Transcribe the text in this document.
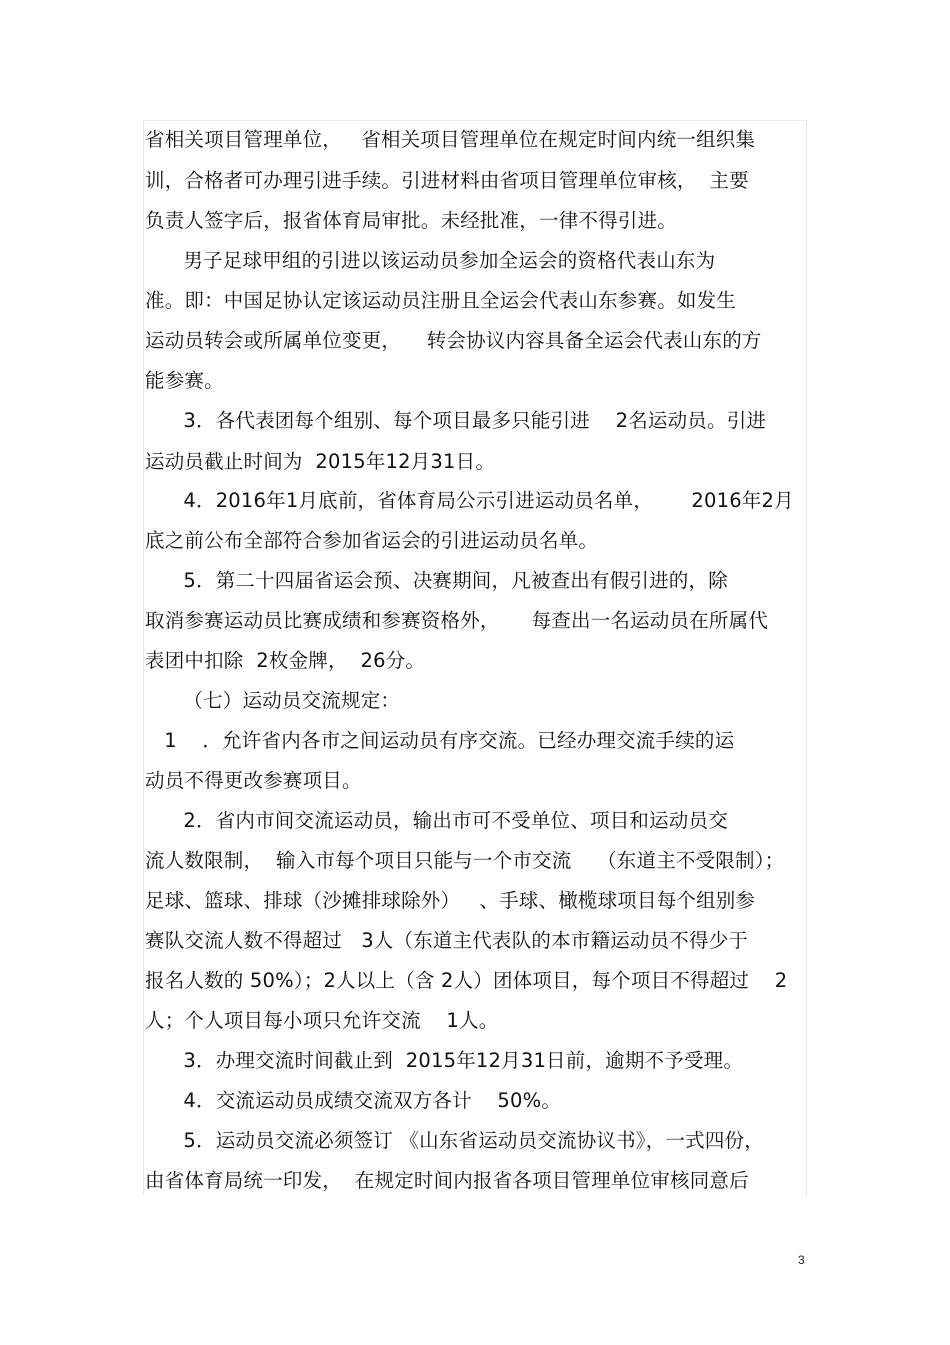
省相关项目管理单位，   省相关项目管理单位在规定时间内统一组织集
训，合格者可办理引进手续。引进材料由省项目管理单位审核，  主要
负责人签字后，报省体育局审批。未经批准，一律不得引进。
男子足球甲组的引进以该运动员参加全运会的资格代表山东为
准。即：中国足协认定该运动员注册且全运会代表山东参赛。如发生
运动员转会或所属单位变更，    转会协议内容具备全运会代表山东的方
能参赛。
3．各代表团每个组别、每个项目最多只能引进    2名运动员。引进
运动员截止时间为  2015年12月31日。
4．2016年1月底前，省体育局公示引进运动员名单，      2016年2月
底之前公布全部符合参加省运会的引进运动员名单。
5．第二十四届省运会预、决赛期间，凡被查出有假引进的，除
取消参赛运动员比赛成绩和参赛资格外，     每查出一名运动员在所属代
表团中扣除  2枚金牌，  26分。
（七）运动员交流规定：
1    ．允许省内各市之间运动员有序交流。已经办理交流手续的运
动员不得更改参赛项目。
2．省内市间交流运动员，输出市可不受单位、项目和运动员交
流人数限制，  输入市每个项目只能与一个市交流    （东道主不受限制）；
足球、篮球、排球（沙摊排球除外）   、手球、橄榄球项目每个组别参
赛队交流人数不得超过   3人（东道主代表队的本市籍运动员不得少于
报名人数的 50%）；2人以上（含 2人）团体项目，每个项目不得超过    2
人；个人项目每小项只允许交流    1人。
3．办理交流时间截止到  2015年12月31日前，逾期不予受理。
4．交流运动员成绩交流双方各计    50%。
5．运动员交流必须签订 《山东省运动员交流协议书》，一式四份，
由省体育局统一印发，  在规定时间内报省各项目管理单位审核同意后
3
